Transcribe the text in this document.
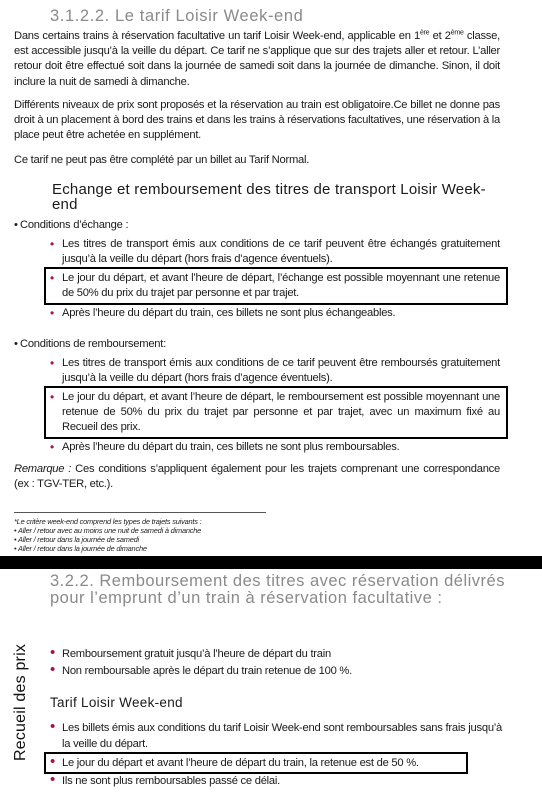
3.1.2.2. Le tarif Loisir Week-end
Dans certains trains à réservation facultative un tarif Loisir Week-end, applicable en 1ère et 2ème classe, est accessible jusqu’à la veille du départ. Ce tarif ne s’applique que sur des trajets aller et retour. L’aller retour doit être effectué soit dans la journée de samedi soit dans la journée de dimanche. Sinon, il doit inclure la nuit de samedi à dimanche.
Différents niveaux de prix sont proposés et la réservation au train est obligatoire.Ce billet ne donne pas droit à un placement à bord des trains et dans les trains à réservations facultatives, une réservation à la place peut être achetée en supplément.
Ce tarif ne peut pas être complété par un billet au Tarif Normal.
Echange et remboursement des titres de transport Loisir Week-end
• Conditions d’échange :
• Les titres de transport émis aux conditions de ce tarif peuvent être échangés gratuitement jusqu’à la veille du départ (hors frais d’agence éventuels).
• Le jour du départ, et avant l’heure de départ, l’échange est possible moyennant une retenue de 50% du prix du trajet par personne et par trajet.
• Après l’heure du départ du train, ces billets ne sont plus échangeables.
• Conditions de remboursement:
• Les titres de transport émis aux conditions de ce tarif peuvent être remboursés gratuitement jusqu’à la veille du départ (hors frais d’agence éventuels).
• Le jour du départ, et avant l’heure de départ, le remboursement est possible moyennant une retenue de 50% du prix du trajet par personne et par trajet, avec un maximum fixé au Recueil des prix.
• Après l’heure du départ du train, ces billets ne sont plus remboursables.
Remarque : Ces conditions s’appliquent également pour les trajets comprenant une correspondance (ex : TGV-TER, etc.).
*Le critère week-end comprend les types de trajets suivants :
• Aller / retour avec au moins une nuit de samedi à dimanche
• Aller / retour dans la journée de samedi
• Aller / retour dans la journée de dimanche
Recueil des prix
3.2.2. Remboursement des titres avec réservation délivrés pour l’emprunt d’un train à réservation facultative :
• Remboursement gratuit jusqu’à l’heure de départ du train
• Non remboursable après le départ du train retenue de 100 %.
Tarif Loisir Week-end
• Les billets émis aux conditions du tarif Loisir Week-end sont remboursables sans frais jusqu’à la veille du départ.
• Le jour du départ et avant l’heure de départ du train, la retenue est de 50 %.
• Ils ne sont plus remboursables passé ce délai.
